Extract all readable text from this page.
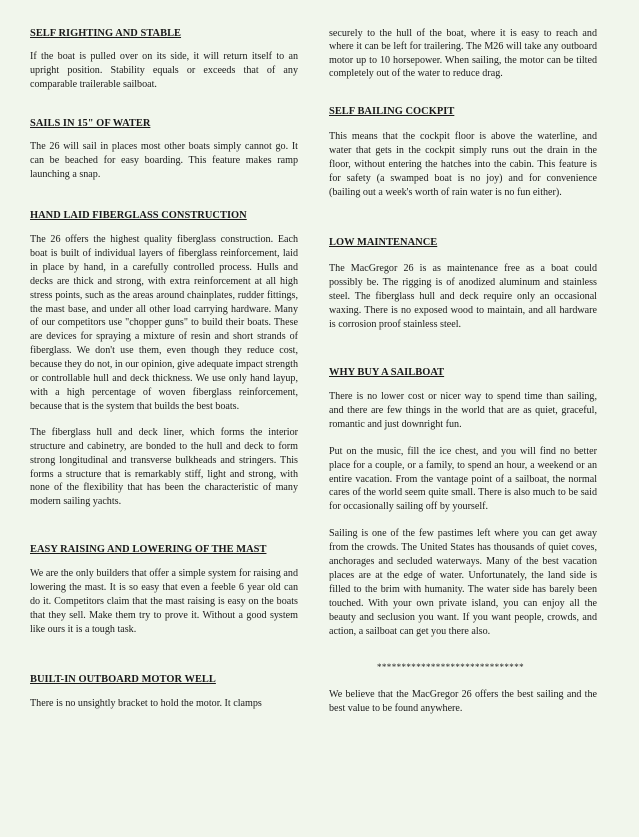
SELF RIGHTING AND STABLE

If the boat is pulled over on its side, it will return itself to an upright position. Stability equals or exceeds that of any comparable trailerable sailboat.

SAILS IN 15" OF WATER

The 26 will sail in places most other boats simply cannot go. It can be beached for easy boarding. This feature makes ramp launching a snap.

HAND LAID FIBERGLASS CONSTRUCTION

The 26 offers the highest quality fiberglass construction. Each boat is built of individual layers of fiberglass reinforcement, laid in place by hand, in a carefully controlled process. Hulls and decks are thick and strong, with extra reinforcement at all high stress points, such as the areas around chainplates, rudder fittings, the mast base, and under all other load carrying hardware. Many of our competitors use "chopper guns" to build their boats. These are devices for spraying a mixture of resin and short strands of fiberglass. We don't use them, even though they reduce cost, because they do not, in our opinion, give adequate impact strength or controllable hull and deck thickness. We use only hand layup, with a high percentage of woven fiberglass reinforcement, because that is the system that builds the best boats.

The fiberglass hull and deck liner, which forms the interior structure and cabinetry, are bonded to the hull and deck to form strong longitudinal and transverse bulkheads and stringers. This forms a structure that is remarkably stiff, light and strong, with none of the flexibility that has been the characteristic of many modern sailing yachts.

EASY RAISING AND LOWERING OF THE MAST

We are the only builders that offer a simple system for raising and lowering the mast. It is so easy that even a feeble 6 year old can do it. Competitors claim that the mast raising is easy on the boats that they sell. Make them try to prove it. Without a good system like ours it is a tough task.

BUILT-IN OUTBOARD MOTOR WELL

There is no unsightly bracket to hold the motor. It clamps

securely to the hull of the boat, where it is easy to reach and where it can be left for trailering. The M26 will take any outboard motor up to 10 horsepower. When sailing, the motor can be tilted completely out of the water to reduce drag.

SELF BAILING COCKPIT

This means that the cockpit floor is above the waterline, and water that gets in the cockpit simply runs out the drain in the floor, without entering the hatches into the cabin. This feature is for safety (a swamped boat is no joy) and for convenience (bailing out a week's worth of rain water is no fun either).

LOW MAINTENANCE

The MacGregor 26 is as maintenance free as a boat could possibly be. The rigging is of anodized aluminum and stainless steel. The fiberglass hull and deck require only an occasional waxing. There is no exposed wood to maintain, and all hardware is corrosion proof stainless steel.

WHY BUY A SAILBOAT

There is no lower cost or nicer way to spend time than sailing, and there are few things in the world that are as quiet, graceful, romantic and just downright fun.

Put on the music, fill the ice chest, and you will find no better place for a couple, or a family, to spend an hour, a weekend or an entire vacation. From the vantage point of a sailboat, the normal cares of the world seem quite small. There is also much to be said for occasionally sailing off by yourself.

Sailing is one of the few pastimes left where you can get away from the crowds. The United States has thousands of quiet coves, anchorages and secluded waterways. Many of the best vacation places are at the edge of water. Unfortunately, the land side is filled to the brim with humanity. The water side has barely been touched. With your own private island, you can enjoy all the beauty and seclusion you want. If you want people, crowds, and action, a sailboat can get you there also.

******************************

We believe that the MacGregor 26 offers the best sailing and the best value to be found anywhere.
